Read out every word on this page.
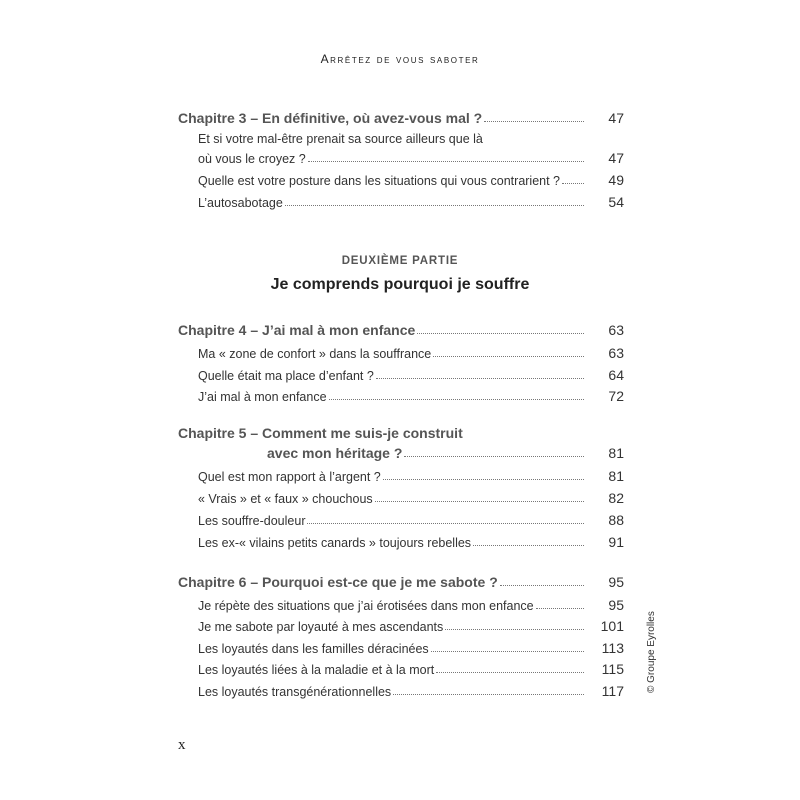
Arrêtez de vous saboter
Chapitre 3 – En définitive, où avez-vous mal ?	47
Et si votre mal-être prenait sa source ailleurs que là
où vous le croyez ?	47
Quelle est votre posture dans les situations qui vous contrarient ?	49
L’autosabotage	54
Chapitre 4 – J’ai mal à mon enfance	63
Ma « zone de confort » dans la souffrance	63
Quelle était ma place d’enfant ?	64
J’ai mal à mon enfance	72
Chapitre 5 – Comment me suis-je construit
avec mon héritage ?	81
Quel est mon rapport à l’argent ?	81
« Vrais » et « faux » chouchous	82
Les souffre-douleur	88
Les ex-« vilains petits canards » toujours rebelles	91
Chapitre 6 – Pourquoi est-ce que je me sabote ?	95
Je répète des situations que j’ai érotisées dans mon enfance	95
Je me sabote par loyauté à mes ascendants	101
Les loyautés dans les familles déracinées	113
Les loyautés liées à la maladie et à la mort	115
Les loyautés transgénérationnelles	117
DEUXIÈME PARTIE
Je comprends pourquoi je souffre
x
© Groupe Eyrolles
